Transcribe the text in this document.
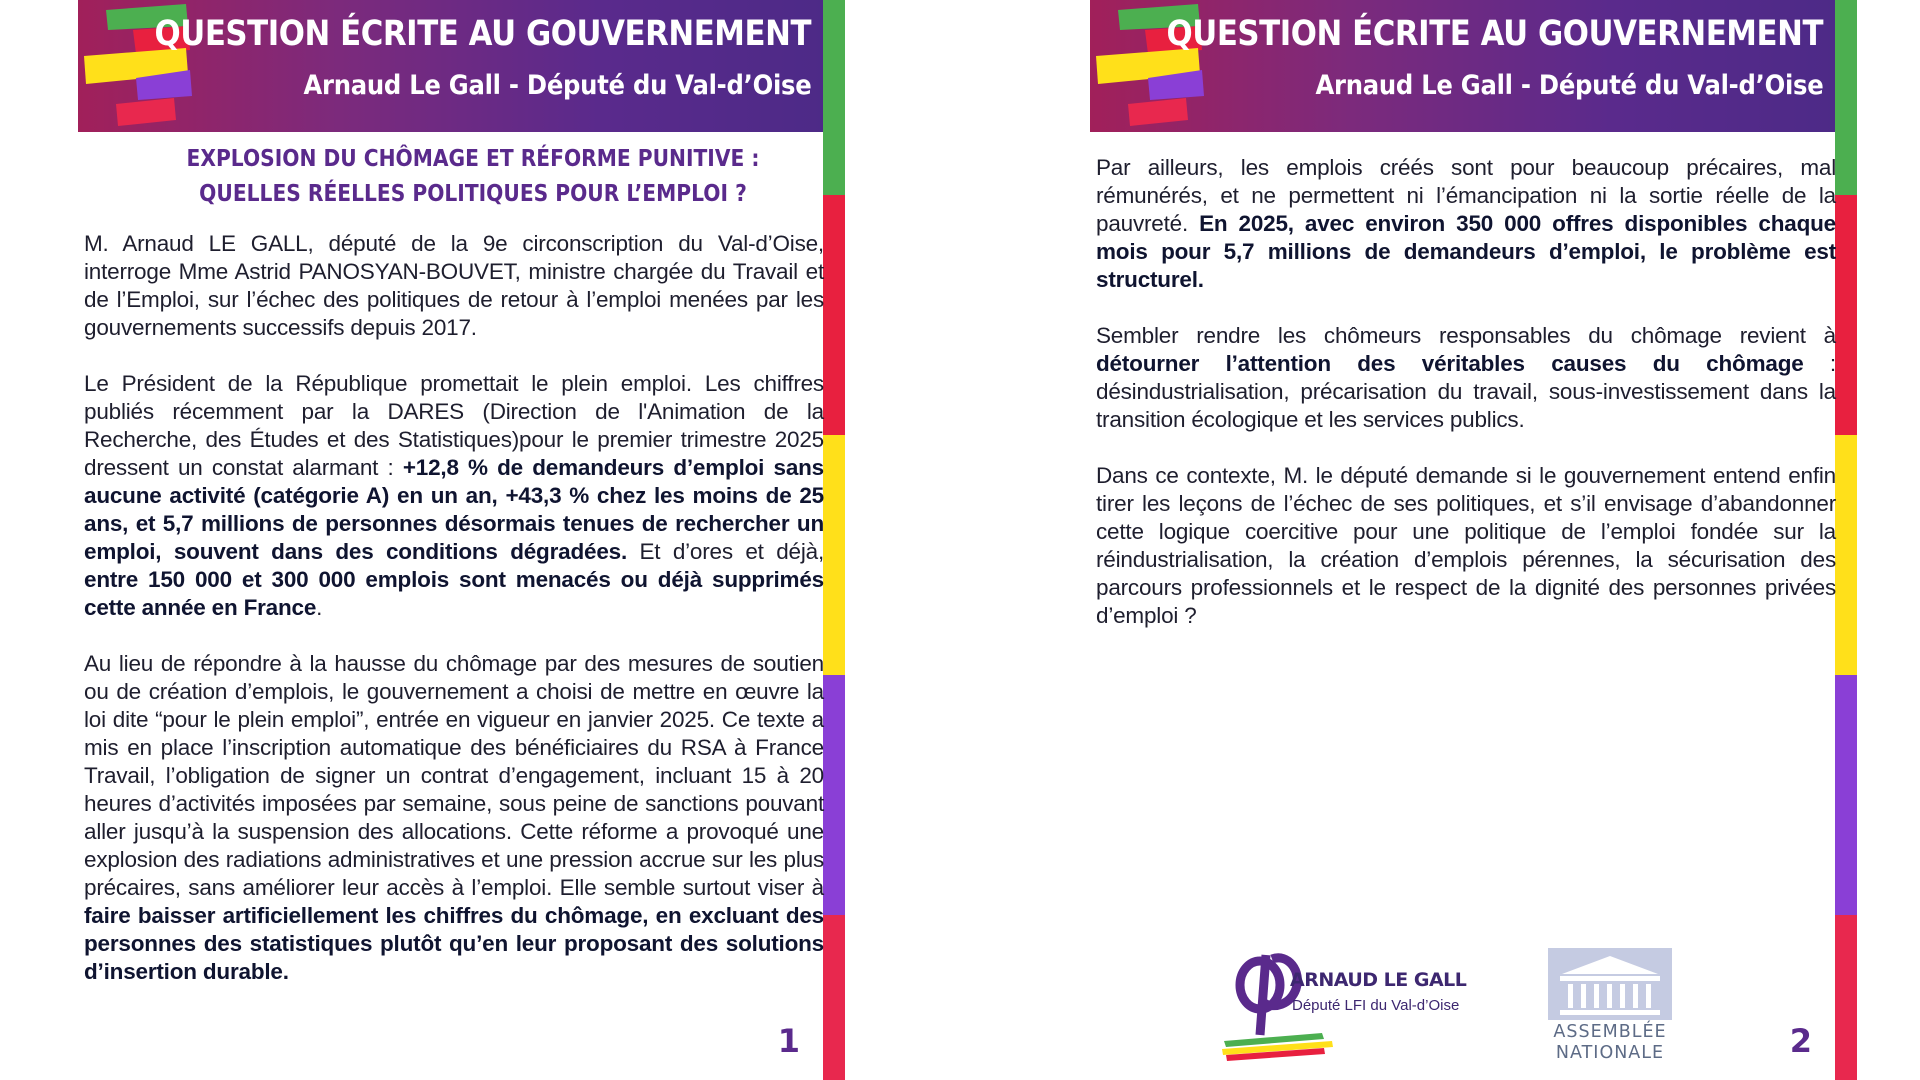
QUESTION ÉCRITE AU GOUVERNEMENT
Arnaud Le Gall - Député du Val-d’Oise

EXPLOSION DU CHÔMAGE ET RÉFORME PUNITIVE :

QUELLES RÉELLES POLITIQUES POUR L’EMPLOI ?

M. Arnaud LE GALL, député de la 9e circonscription du Val-d’Oise, interroge Mme Astrid PANOSYAN-BOUVET, ministre chargée du Travail et de l’Emploi, sur l’échec des politiques de retour à l’emploi menées par les gouvernements successifs depuis 2017.

Le Président de la République promettait le plein emploi. Les chiffres publiés récemment par la DARES (Direction de l'Animation de la Recherche, des Études et des Statistiques)pour le premier trimestre 2025 dressent un constat alarmant : +12,8 % de demandeurs d’emploi sans aucune activité (catégorie A) en un an, +43,3 % chez les moins de 25 ans, et 5,7 millions de personnes désormais tenues de rechercher un emploi, souvent dans des conditions dégradées. Et d’ores et déjà, entre 150 000 et 300 000 emplois sont menacés ou déjà supprimés cette année en France.

Au lieu de répondre à la hausse du chômage par des mesures de soutien ou de création d’emplois, le gouvernement a choisi de mettre en œuvre la loi dite “pour le plein emploi”, entrée en vigueur en janvier 2025. Ce texte a mis en place l’inscription automatique des bénéficiaires du RSA à France Travail, l’obligation de signer un contrat d’engagement, incluant 15 à 20 heures d’activités imposées par semaine, sous peine de sanctions pouvant aller jusqu’à la suspension des allocations. Cette réforme a provoqué une explosion des radiations administratives et une pression accrue sur les plus précaires, sans améliorer leur accès à l’emploi. Elle semble surtout viser à faire baisser artificiellement les chiffres du chômage, en excluant des personnes des statistiques plutôt qu’en leur proposant des solutions d’insertion durable.

1
QUESTION ÉCRITE AU GOUVERNEMENT
Arnaud Le Gall - Député du Val-d’Oise

Par ailleurs, les emplois créés sont pour beaucoup précaires, mal rémunérés, et ne permettent ni l’émancipation ni la sortie réelle de la pauvreté. En 2025, avec environ 350 000 offres disponibles chaque mois pour 5,7 millions de demandeurs d’emploi, le problème est structurel.

Sembler rendre les chômeurs responsables du chômage revient à détourner l’attention des véritables causes du chômage : désindustrialisation, précarisation du travail, sous-investissement dans la transition écologique et les services publics.

Dans ce contexte, M. le député demande si le gouvernement entend enfin tirer les leçons de l’échec de ses politiques, et s’il envisage d’abandonner cette logique coercitive pour une politique de l’emploi fondée sur la réindustrialisation, la création d’emplois pérennes, la sécurisation des parcours professionnels et le respect de la dignité des personnes privées d’emploi ?

ARNAUD LE GALL
Député LFI du Val-d’Oise
ASSEMBLÉE
NATIONALE	2
